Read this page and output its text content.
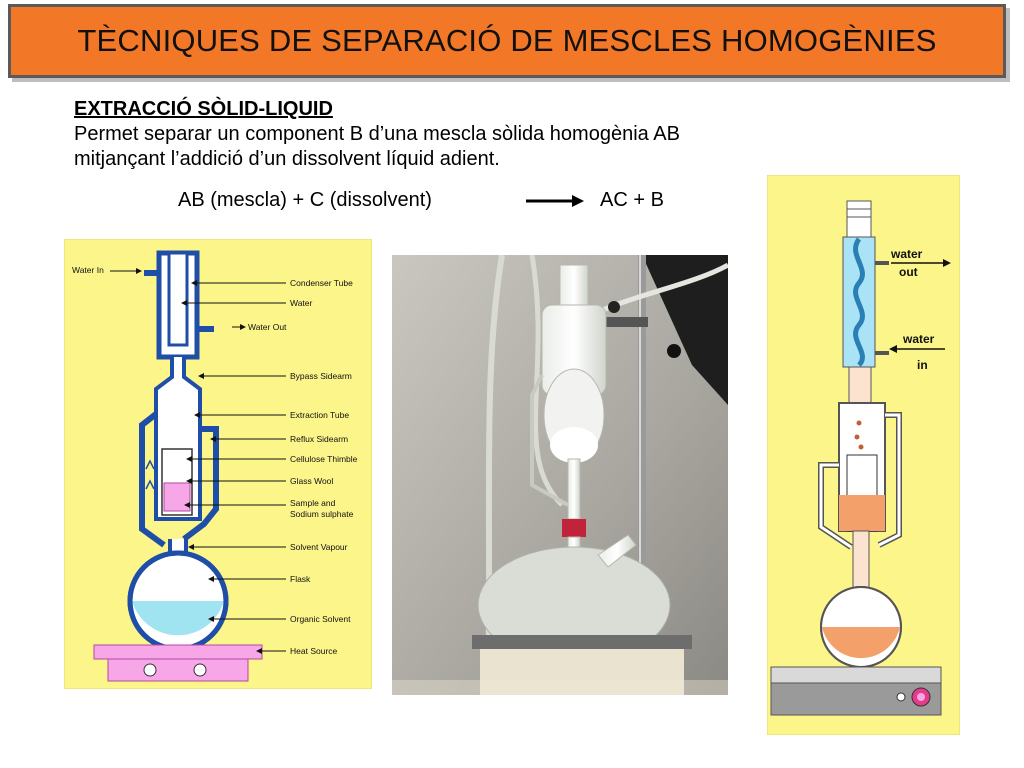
TÈCNIQUES DE SEPARACIÓ DE MESCLES HOMOGÈNIES
EXTRACCIÓ SÒLID-LIQUID
Permet separar un component B d’una mescla sòlida homogènia AB
mitjançant l’addició d’un dissolvent líquid adient.
AB (mescla) + C (dissolvent)	→ AC + B
Water In
Condenser Tube
Water
Water Out
Bypass Sidearm
Extraction Tube
Reflux Sidearm
Cellulose Thimble
Glass Wool
Sample and
Sodium sulphate
Solvent Vapour
Flask
Organic Solvent
Heat Source
water
out
water
in
